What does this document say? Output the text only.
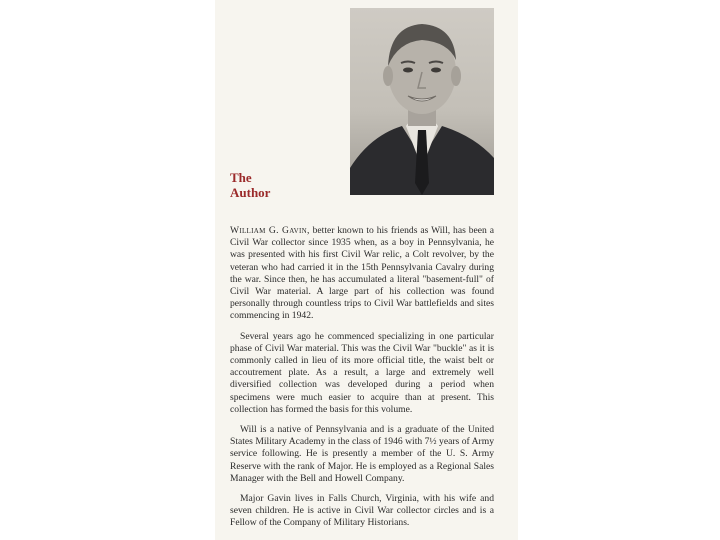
The
Author

William G. Gavin, better known to his friends as Will, has been a Civil War collector since 1935 when, as a boy in Pennsylvania, he was presented with his first Civil War relic, a Colt revolver, by the veteran who had carried it in the 15th Pennsylvania Cavalry during the war. Since then, he has accumulated a literal "basement-full" of Civil War material. A large part of his collection was found personally through countless trips to Civil War battlefields and sites commencing in 1942.

Several years ago he commenced specializing in one particular phase of Civil War material. This was the Civil War "buckle" as it is commonly called in lieu of its more official title, the waist belt or accoutrement plate. As a result, a large and extremely well diversified collection was developed during a period when specimens were much easier to acquire than at present. This collection has formed the basis for this volume.

Will is a native of Pennsylvania and is a graduate of the United States Military Academy in the class of 1946 with 7½ years of Army service following. He is presently a member of the U. S. Army Reserve with the rank of Major. He is employed as a Regional Sales Manager with the Bell and Howell Company.

Major Gavin lives in Falls Church, Virginia, with his wife and seven children. He is active in Civil War collector circles and is a Fellow of the Company of Military Historians.
